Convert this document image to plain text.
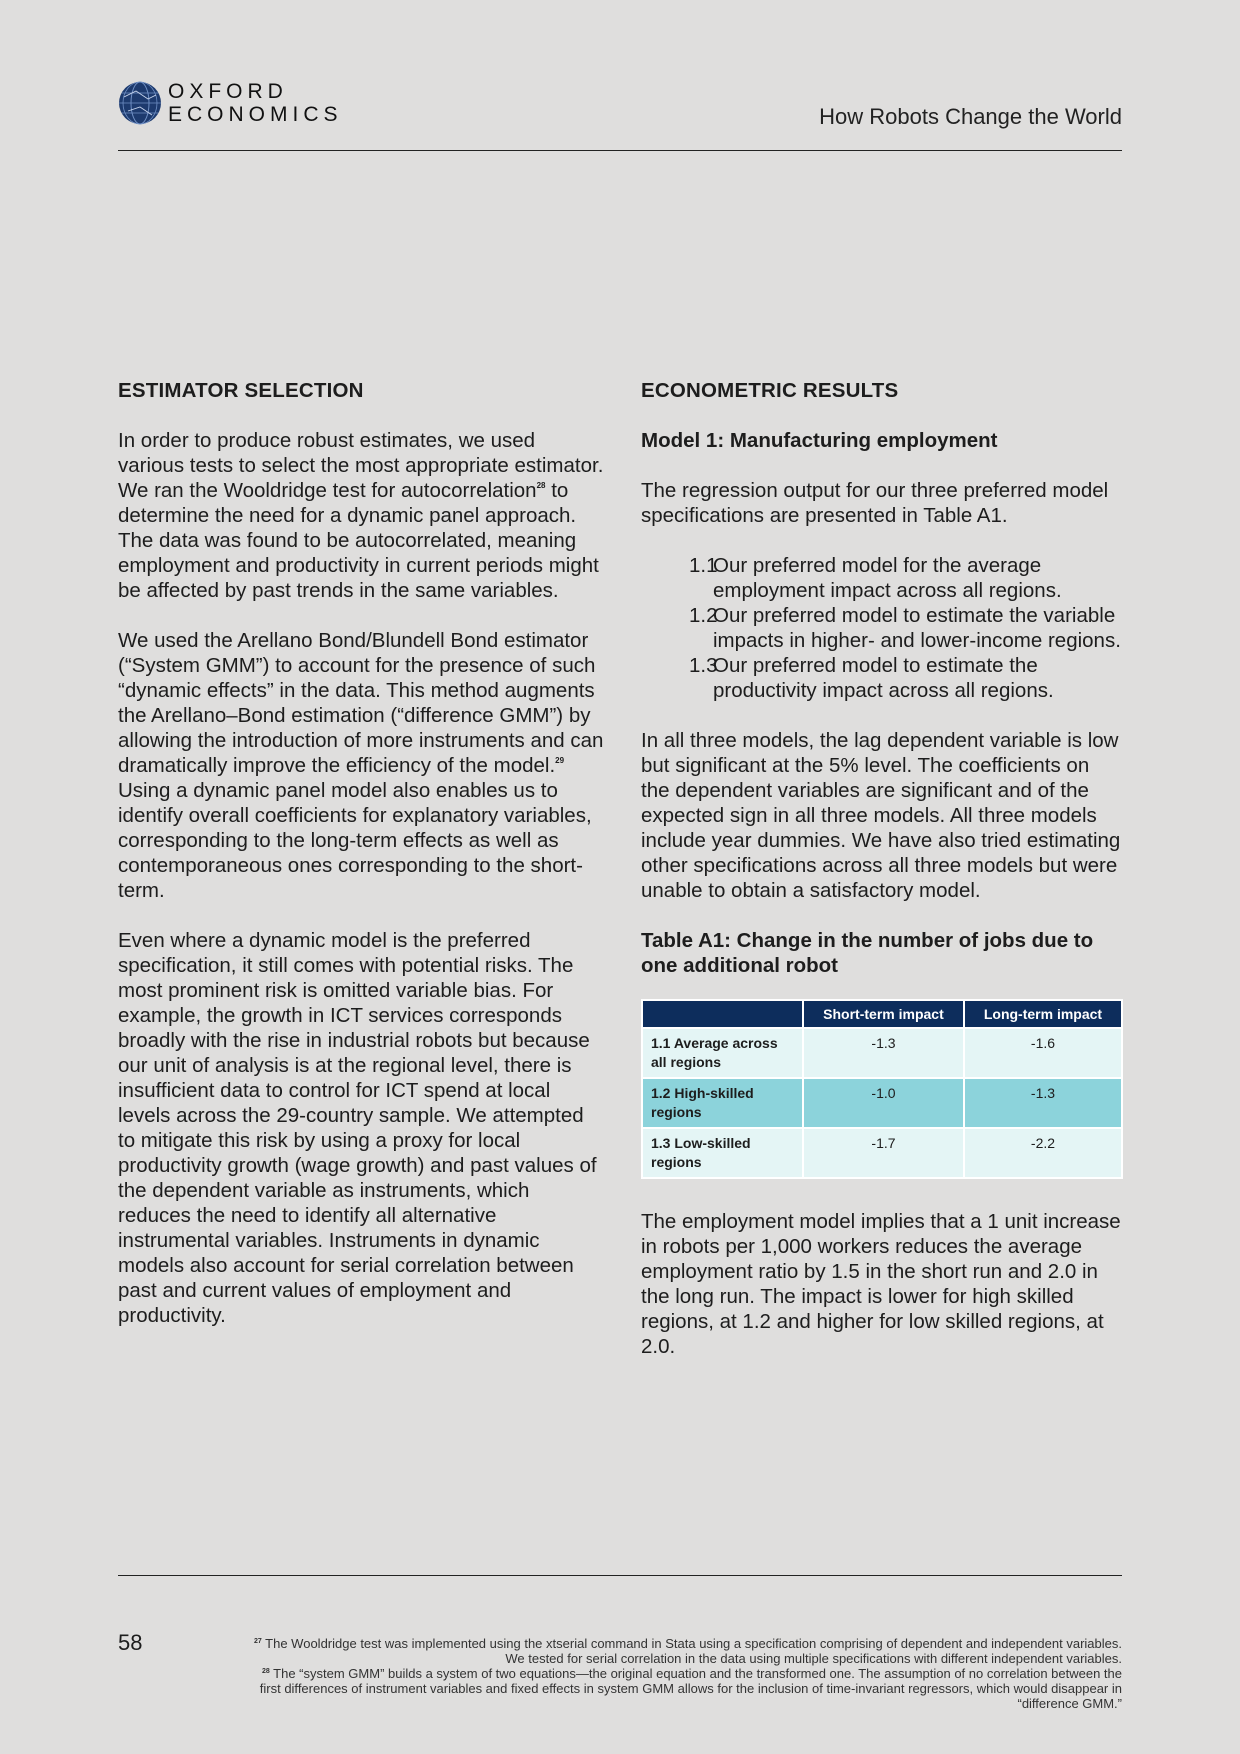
OXFORD
ECONOMICS	How Robots Change the World
ESTIMATOR SELECTION

In order to produce robust estimates, we used various tests to select the most appropriate estimator. We ran the Wooldridge test for autocorrelation$^{28}$ to determine the need for a dynamic panel approach. The data was found to be autocorrelated, meaning employment and productivity in current periods might be affected by past trends in the same variables.

We used the Arellano Bond/Blundell Bond estimator (“System GMM”) to account for the presence of such “dynamic effects” in the data. This method augments the Arellano–Bond estimation (“difference GMM”) by allowing the introduction of more instruments and can dramatically improve the efficiency of the model.$^{29}$ Using a dynamic panel model also enables us to identify overall coefficients for explanatory variables, corresponding to the long-term effects as well as contemporaneous ones corresponding to the short-term.

Even where a dynamic model is the preferred specification, it still comes with potential risks. The most prominent risk is omitted variable bias. For example, the growth in ICT services corresponds broadly with the rise in industrial robots but because our unit of analysis is at the regional level, there is insufficient data to control for ICT spend at local levels across the 29-country sample. We attempted to mitigate this risk by using a proxy for local productivity growth (wage growth) and past values of the dependent variable as instruments, which reduces the need to identify all alternative instrumental variables. Instruments in dynamic models also account for serial correlation between past and current values of employment and productivity.

ECONOMETRIC RESULTS
Model 1: Manufacturing employment

The regression output for our three preferred model specifications are presented in Table A1.

1.1
Our preferred model for the average employment impact across all regions.
1.2
Our preferred model to estimate the variable impacts in higher- and lower-income regions.
1.3
Our preferred model to estimate the productivity impact across all regions.

In all three models, the lag dependent variable is low but significant at the 5% level. The coefficients on the dependent variables are significant and of the expected sign in all three models. All three models include year dummies. We have also tried estimating other specifications across all three models but were unable to obtain a satisfactory model.

Table A1: Change in the number of jobs due to one additional robot
	Short-term impact	Long-term impact
1.1 Average across all regions	-1.3	-1.6
1.2 High-skilled regions	-1.0	-1.3
1.3 Low-skilled regions	-1.7	-2.2

The employment model implies that a 1 unit increase in robots per 1,000 workers reduces the average employment ratio by 1.5 in the short run and 2.0 in the long run. The impact is lower for high skilled regions, at 1.2 and higher for low skilled regions, at 2.0.

58	$^{27}$ The Wooldridge test was implemented using the xtserial command in Stata using a specification comprising of dependent and independent variables.
We tested for serial correlation in the data using multiple specifications with different independent variables.
$^{28}$ The “system GMM” builds a system of two equations—the original equation and the transformed one. The assumption of no correlation between the
first differences of instrument variables and fixed effects in system GMM allows for the inclusion of time-invariant regressors, which would disappear in
“difference GMM.”
